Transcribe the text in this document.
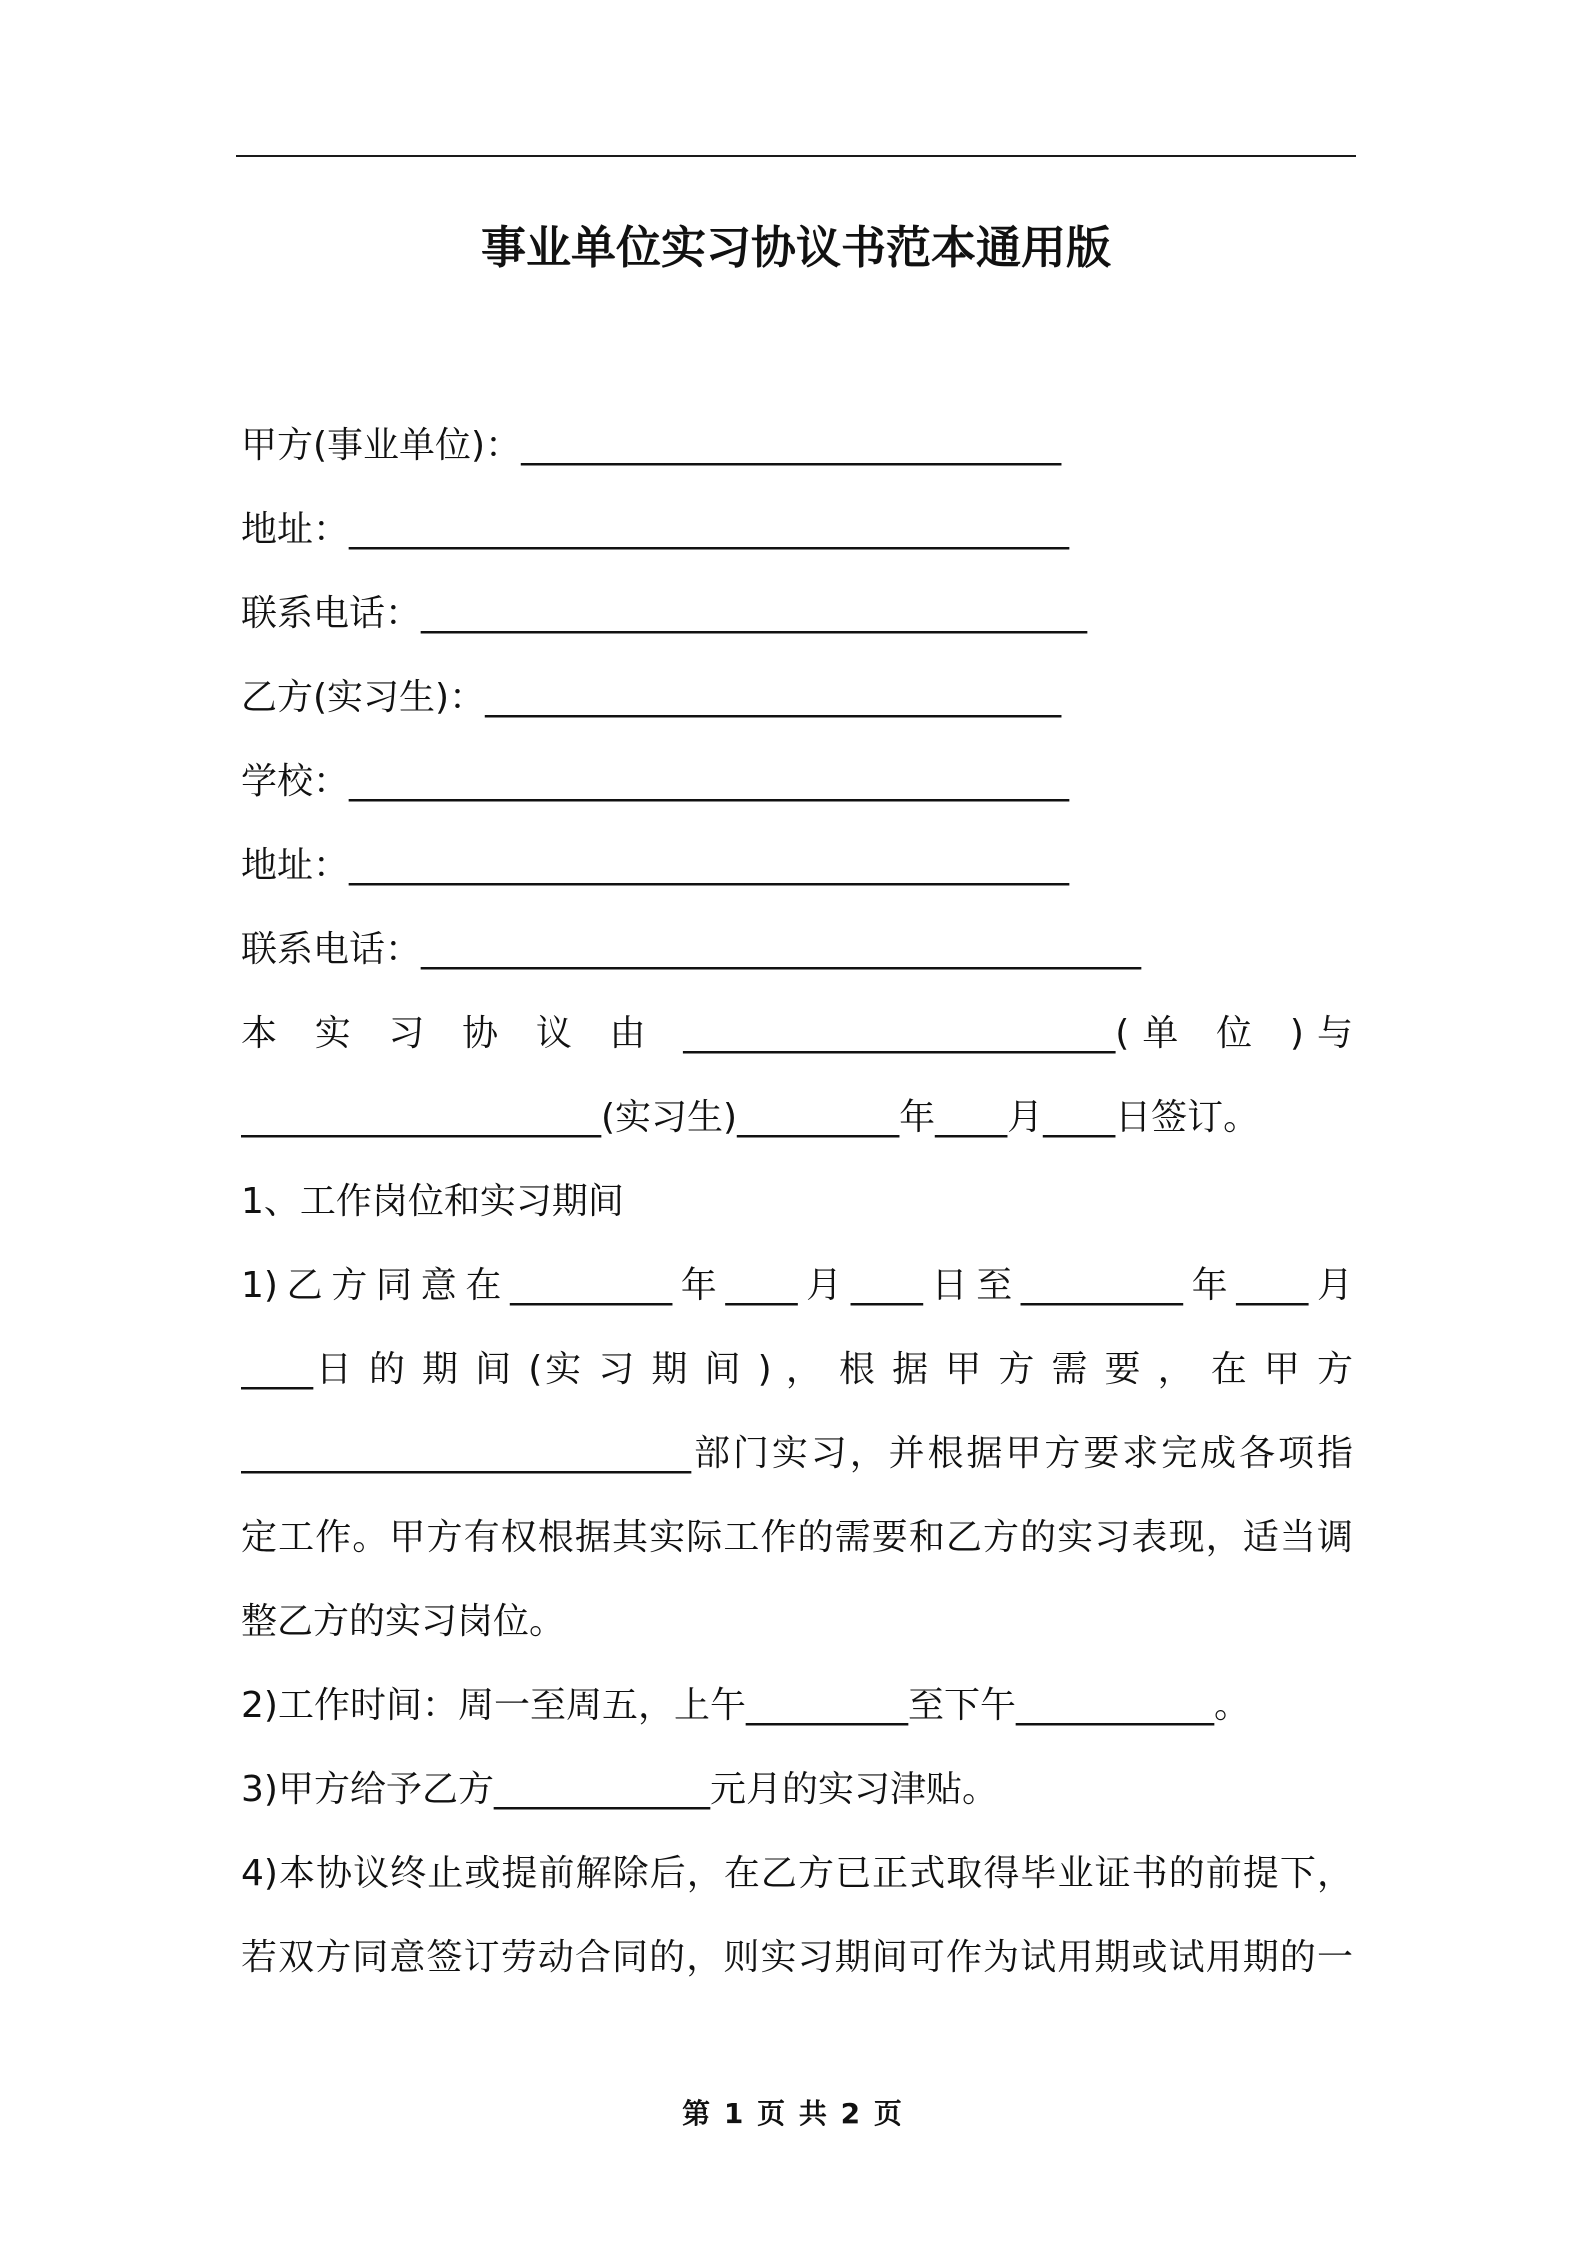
事业单位实习协议书范本通用版
甲方(事业单位)：______________________________
地址：________________________________________
联系电话：_____________________________________
乙方(实习生)：________________________________
学校：________________________________________
地址：________________________________________
联系电话：________________________________________
本 实 习 协 议 由 ________________________(单 位 )与
____________________(实习生)_________年____月____日签订。
1、工作岗位和实习期间
1)乙方同意在_________年____月____日至_________年____月
____日 的 期 间 (实 习 期 间 ) ， 根 据 甲 方 需 要 ， 在 甲 方
_________________________部门实习，并根据甲方要求完成各项指
定工作。甲方有权根据其实际工作的需要和乙方的实习表现，适当调
整乙方的实习岗位。
2)工作时间：周一至周五，上午_________至下午___________。
3)甲方给予乙方____________元月的实习津贴。
4)本协议终止或提前解除后，在乙方已正式取得毕业证书的前提下，
若双方同意签订劳动合同的，则实习期间可作为试用期或试用期的一
第 1 页 共 2 页
